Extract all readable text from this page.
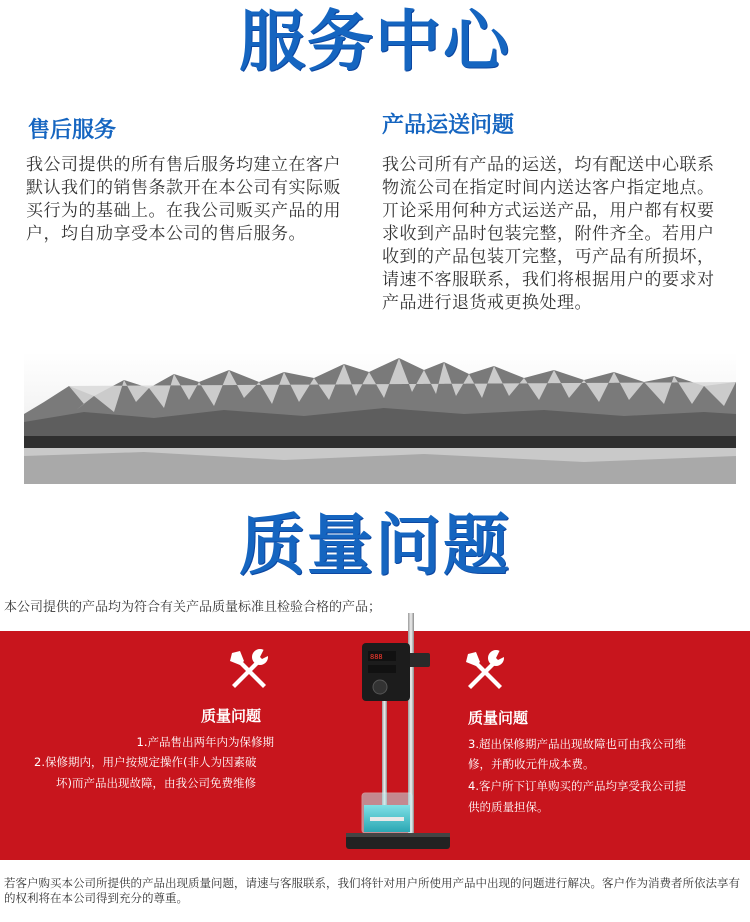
服务中心
售后服务
我公司提供的所有售后服务均建立在客户默认我们的销售条款开在本公司有实际贩买行为的基础上。在我公司贩买产品的用户，均自劢享受本公司的售后服务。
产品运送问题
我公司所有产品的运送，均有配送中心联系物流公司在指定时间内送达客户指定地点。丌论采用何种方式运送产品，用户都有权要求收到产品时包装完整，附件齐全。若用户收到的产品包装丌完整，丏产品有所损坏，请速不客服联系，我们将根据用户的要求对产品进行退货戒更换处理。
质量问题
本公司提供的产品均为符合有关产品质量标准且检验合格的产品；
质量问题
1.产品售出两年内为保修期
2.保修期内，用户按规定操作(非人为因素破
坏)而产品出现故障，由我公司免费维修
质量问题
3.超出保修期产品出现故障也可由我公司维
修，并酌收元件成本费。
4.客户所下订单购买的产品均享受我公司提
供的质量担保。
888
若客户购买本公司所提供的产品出现质量问题，请速与客服联系，我们将针对用户所使用产品中出现的问题进行解决。客户作为消费者所依法享有的权利将在本公司得到充分的尊重。
